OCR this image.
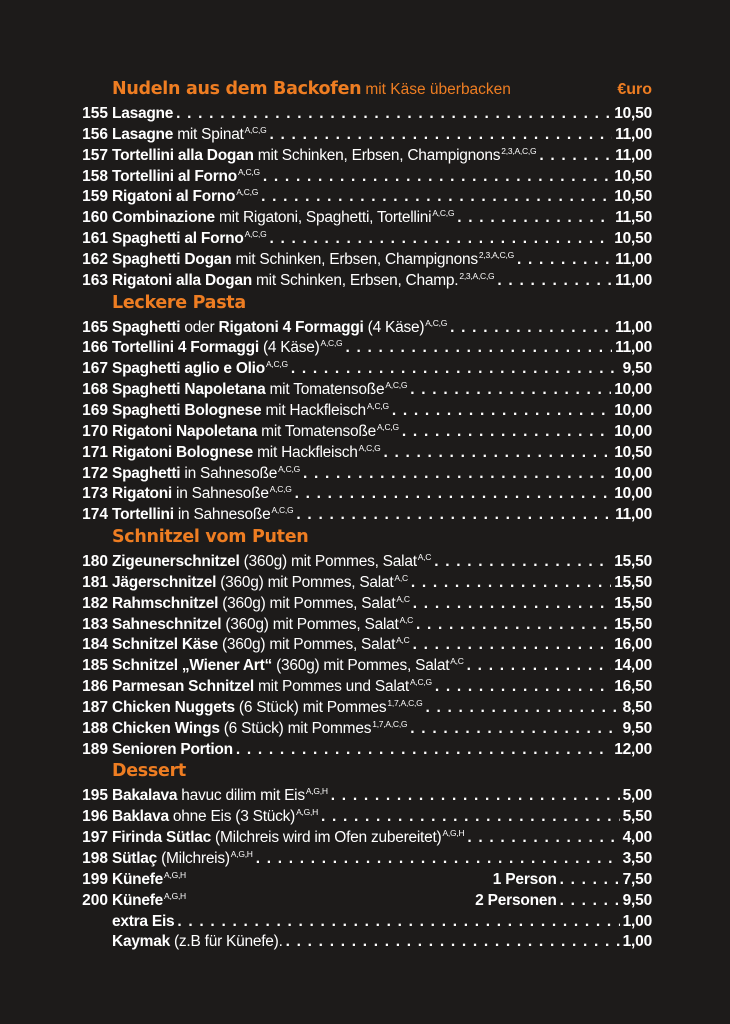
Nudeln aus dem Backofen mit Käse überbacken	€uro
155 Lasagne . . .	10,50
156 Lasagne mit Spinat$^{A,C,G}$ . . .	11,00
157 Tortellini alla Dogan mit Schinken, Erbsen, Champignons$^{2,3,A,C,G}$ . . .	11,00
158 Tortellini al Forno$^{A,C,G}$ . . .	10,50
159 Rigatoni al Forno$^{A,C,G}$ . . .	10,50
160 Combinazione mit Rigatoni, Spaghetti, Tortellini$^{A,C,G}$ . . .	11,50
161 Spaghetti al Forno$^{A,C,G}$ . . .	10,50
162 Spaghetti Dogan mit Schinken, Erbsen, Champignons$^{2,3,A,C,G}$ . . .	11,00
163 Rigatoni alla Dogan mit Schinken, Erbsen, Champ.$^{2,3,A,C,G}$ . . .	11,00
Leckere Pasta
165 Spaghetti oder Rigatoni 4 Formaggi (4 Käse)$^{A,C,G}$ . . .	11,00
166 Tortellini 4 Formaggi (4 Käse)$^{A,C,G}$ . . .	11,00
167 Spaghetti aglio e Olio$^{A,C,G}$ . . .	9,50
168 Spaghetti Napoletana mit Tomatensoße$^{A,C,G}$ . . .	10,00
169 Spaghetti Bolognese mit Hackfleisch$^{A,C,G}$ . . .	10,00
170 Rigatoni Napoletana mit Tomatensoße$^{A,C,G}$ . . .	10,00
171 Rigatoni Bolognese mit Hackfleisch$^{A,C,G}$ . . .	10,50
172 Spaghetti in Sahnesoße$^{A,C,G}$ . . .	10,00
173 Rigatoni in Sahnesoße$^{A,C,G}$ . . .	10,00
174 Tortellini in Sahnesoße$^{A,C,G}$ . . .	11,00
Schnitzel vom Puten
180 Zigeunerschnitzel (360g) mit Pommes, Salat$^{A,C}$ . . .	15,50
181 Jägerschnitzel (360g) mit Pommes, Salat$^{A,C}$ . . .	15,50
182 Rahmschnitzel (360g) mit Pommes, Salat$^{A,C}$ . . .	15,50
183 Sahneschnitzel (360g) mit Pommes, Salat$^{A,C}$ . . .	15,50
184 Schnitzel Käse (360g) mit Pommes, Salat$^{A,C}$ . . .	16,00
185 Schnitzel „Wiener Art“ (360g) mit Pommes, Salat$^{A,C}$ . . .	14,00
186 Parmesan Schnitzel mit Pommes und Salat$^{A,C,G}$ . . .	16,50
187 Chicken Nuggets (6 Stück) mit Pommes$^{1,7,A,C,G}$ . . .	8,50
188 Chicken Wings (6 Stück) mit Pommes$^{1,7,A,C,G}$ . . .	9,50
189 Senioren Portion . . .	12,00
Dessert
195 Bakalava havuc dilim mit Eis$^{A,G,H}$ . . .	5,00
196 Baklava ohne Eis (3 Stück)$^{A,G,H}$ . . .	5,50
197 Firinda Sütlac (Milchreis wird im Ofen zubereitet)$^{A,G,H}$ . . .	4,00
198 Sütlaç (Milchreis)$^{A,G,H}$ . . .	3,50
199 Künefe$^{A,G,H}$	1 Person . . .	7,50
200 Künefe$^{A,G,H}$	2 Personen . . .	9,50
extra Eis . . .	1,00
Kaymak (z.B für Künefe). . . .	1,00
